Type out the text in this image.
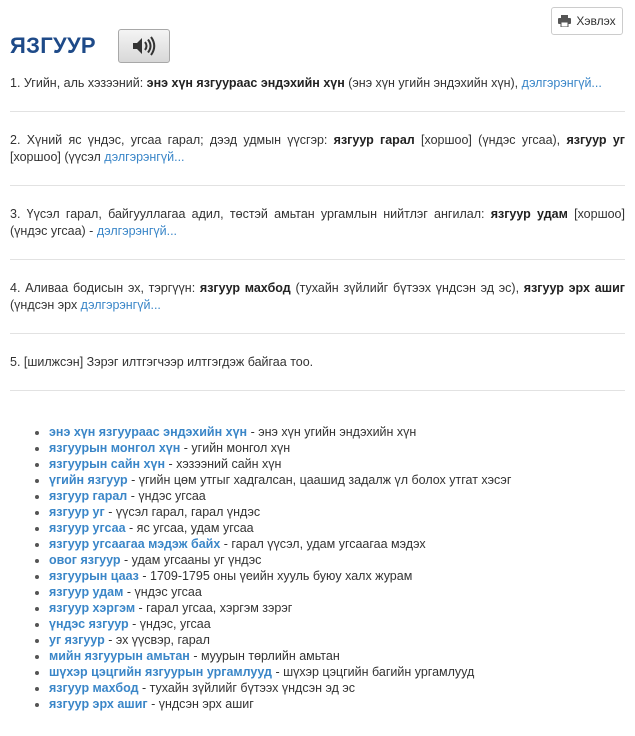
Хэвлэх
ЯЗГУУР
1. Угийн, аль хэзээний: энэ хүн язгуураас эндэхийн хүн (энэ хүн угийн эндэхийн хүн), дэлгэрэнгүй...
2. Хүний яс үндэс, угсаа гарал; дээд удмын үүсгэр: язгуур гарал [хоршоо] (үндэс угсаа), язгуур уг [хоршоо] (үүсэл дэлгэрэнгүй...
3. Үүсэл гарал, байгууллагаа адил, төстэй амьтан ургамлын нийтлэг ангилал: язгуур удам [хоршоо] (үндэс угсаа) - дэлгэрэнгүй...
4. Аливаа бодисын эх, тэргүүн: язгуур махбод (тухайн зүйлийг бүтээх үндсэн эд эс), язгуур эрх ашиг (үндсэн эрх дэлгэрэнгүй...
5. [шилжсэн] Зэрэг илтгэгчээр илтгэгдэж байгаа тоо.
• энэ хүн язгуураас эндэхийн хүн - энэ хүн угийн эндэхийн хүн
• язгуурын монгол хүн - угийн монгол хүн
• язгуурын сайн хүн - хэзээний сайн хүн
• үгийн язгуур - үгийн цөм утгыг хадгалсан, цаашид задалж үл болох утгат хэсэг
• язгуур гарал - үндэс угсаа
• язгуур уг - үүсэл гарал, гарал үндэс
• язгуур угсаа - яс угсаа, удам угсаа
• язгуур угсаагаа мэдэж байх - гарал үүсэл, удам угсаагаа мэдэх
• овог язгуур - удам угсааны уг үндэс
• язгуурын цааз - 1709-1795 оны үеийн хууль буюу халх журам
• язгуур удам - үндэс угсаа
• язгуур хэргэм - гарал угсаа, хэргэм зэрэг
• үндэс язгуур - үндэс, угсаа
• уг язгуур - эх үүсвэр, гарал
• мийн язгуурын амьтан - муурын төрлийн амьтан
• шүхэр цэцгийн язгуурын ургамлууд - шүхэр цэцгийн багийн ургамлууд
• язгуур махбод - тухайн зүйлийг бүтээх үндсэн эд эс
• язгуур эрх ашиг - үндсэн эрх ашиг
